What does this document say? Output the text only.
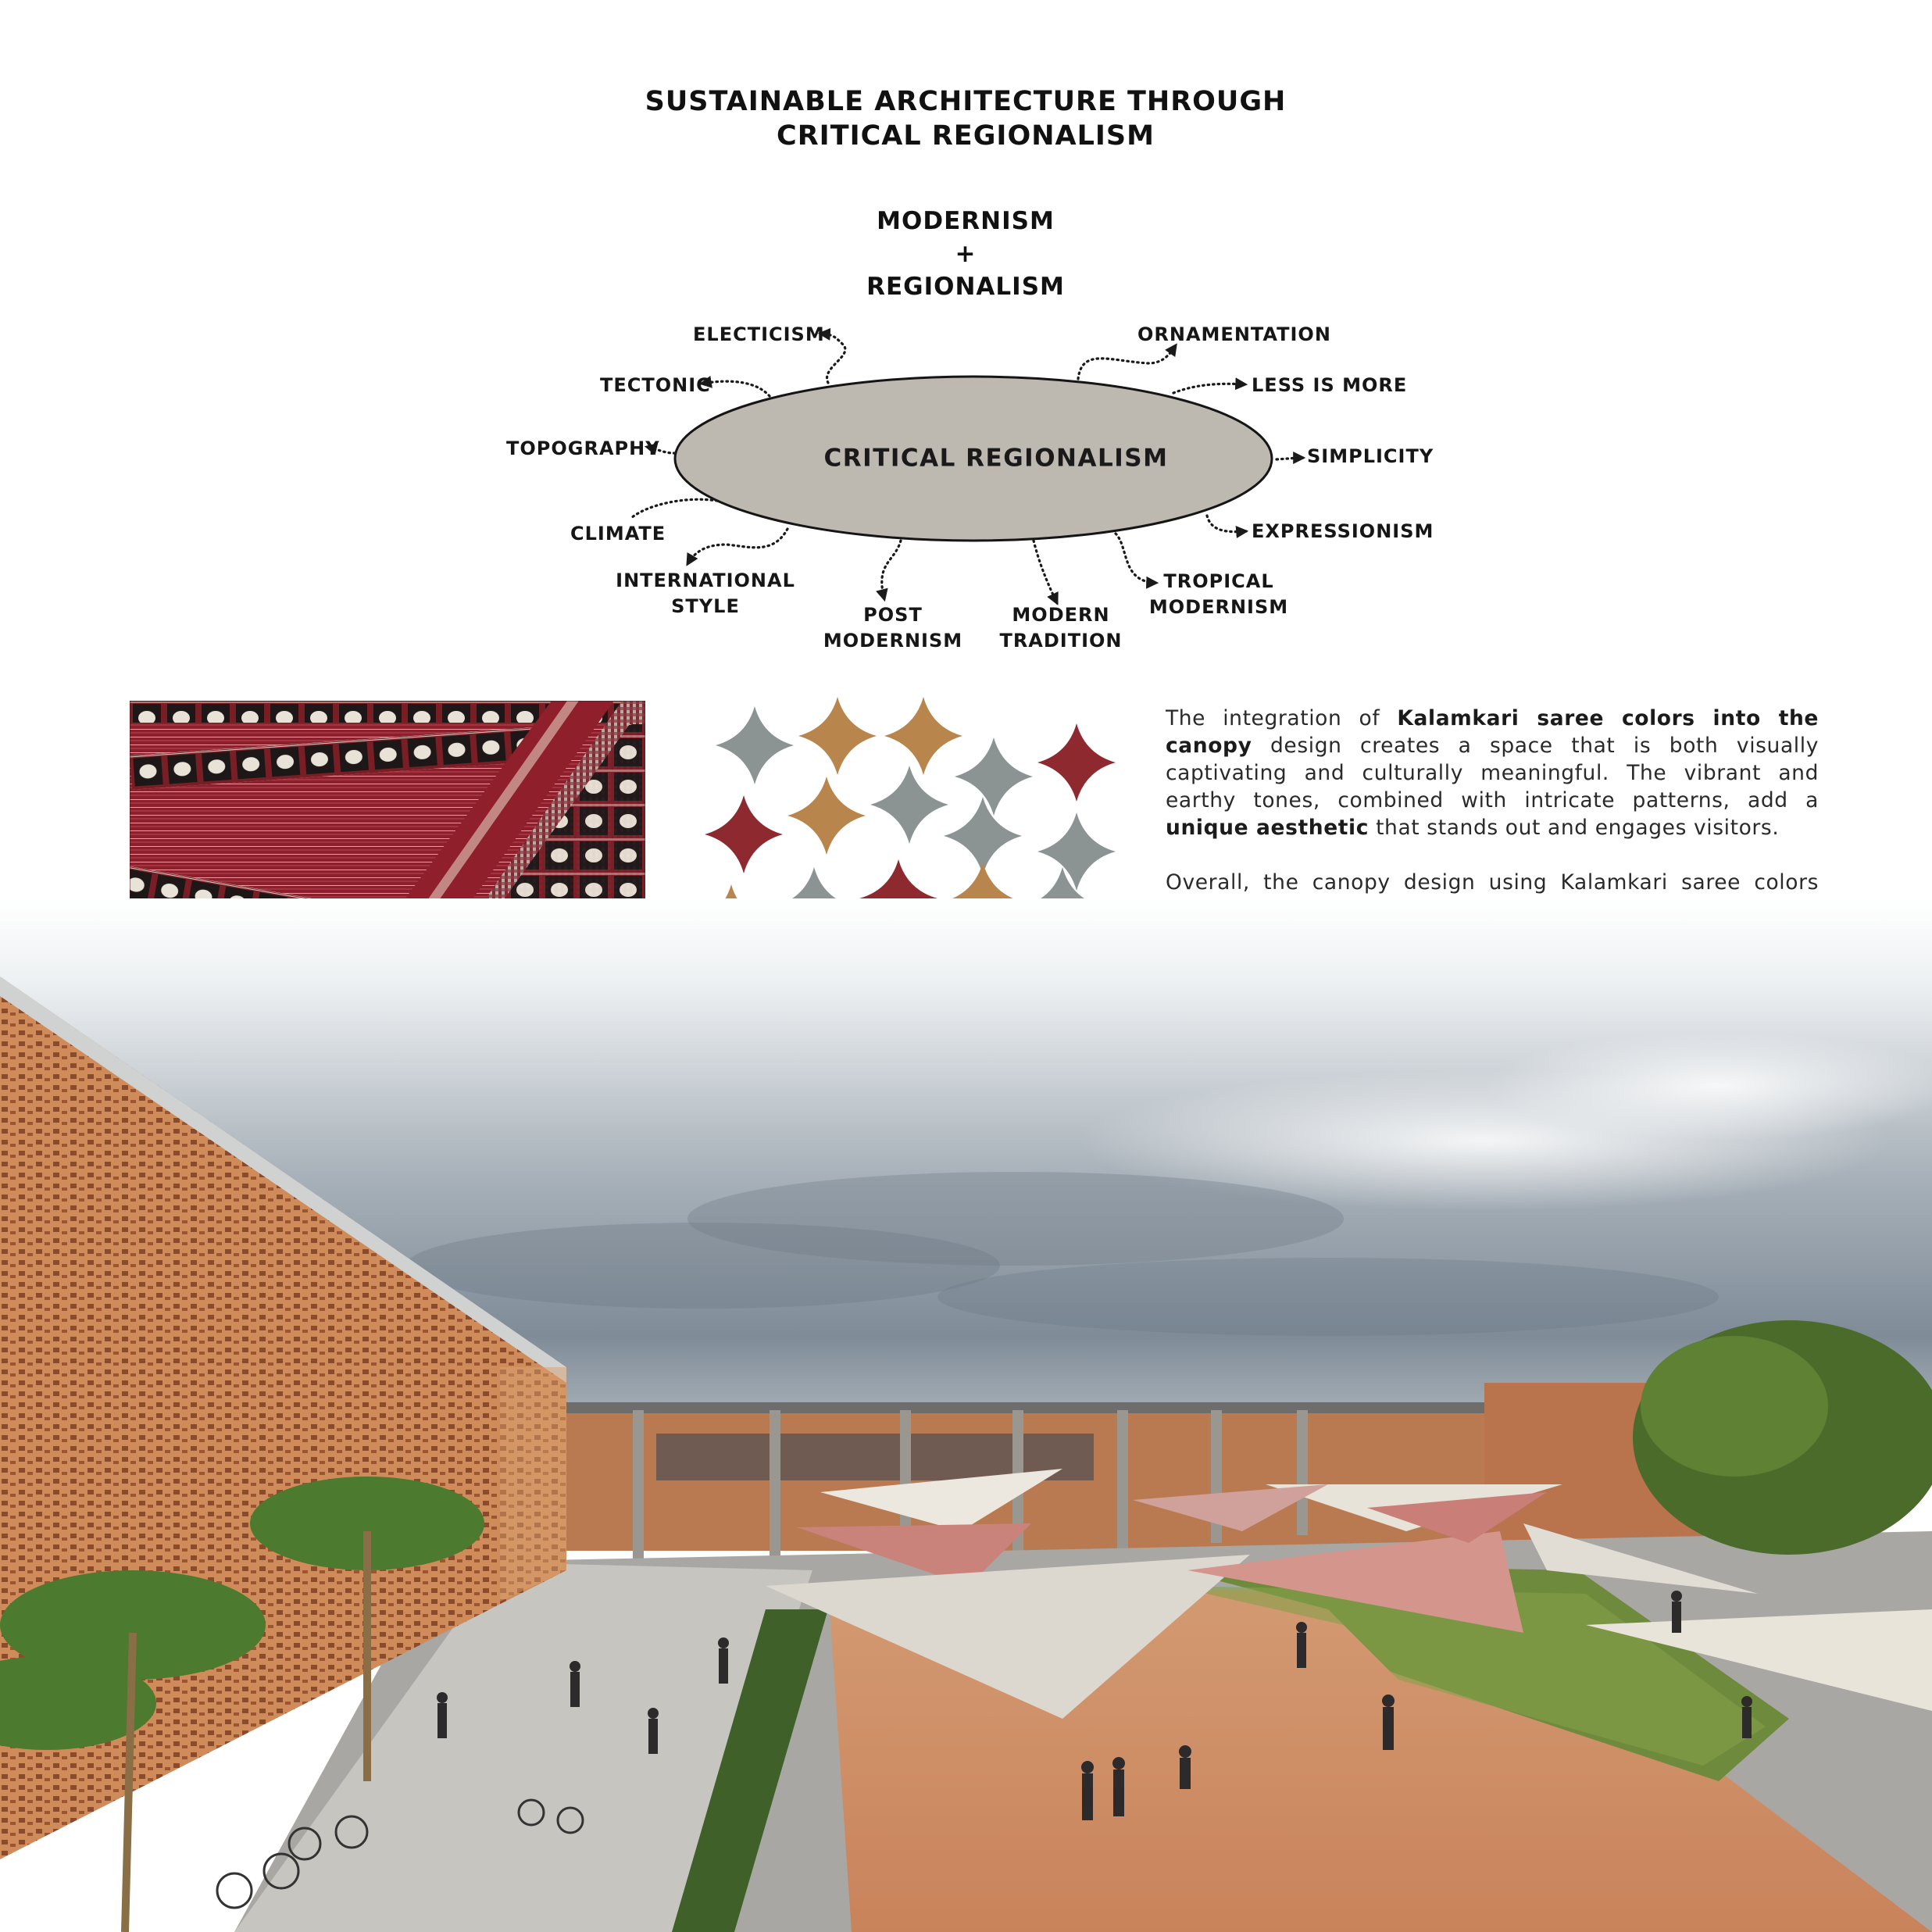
SUSTAINABLE ARCHITECTURE THROUGH
CRITICAL REGIONALISM
MODERNISM
+
REGIONALISM
CRITICAL REGIONALISM
ELECTICISM
TECTONIC
TOPOGRAPHY
CLIMATE
INTERNATIONAL
STYLE	POST
MODERNISM
MODERN
TRADITION
TROPICAL
MODERNISM
EXPRESSIONISM
SIMPLICITY
LESS IS MORE
ORNAMENTATION

The integration of Kalamkari saree colors into the canopy design creates a space that is both visually captivating and culturally meaningful. The vibrant and earthy tones, combined with intricate patterns, add a unique aesthetic that stands out and engages visitors.

Overall, the canopy design using Kalamkari saree colors
